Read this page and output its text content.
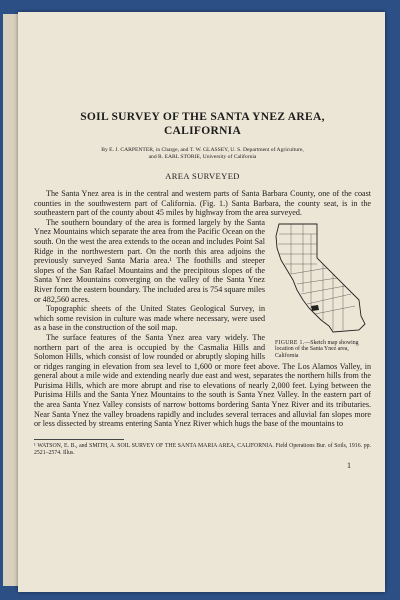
SOIL SURVEY OF THE SANTA YNEZ AREA,
CALIFORNIA
By E. J. CARPENTER, in Charge, and T. W. GLASSEY, U. S. Department of Agriculture,
and R. EARL STORIE, University of California
AREA SURVEYED

The Santa Ynez area is in the central and western parts of Santa Barbara County, one of the coast counties in the southwestern part of California. (Fig. 1.) Santa Barbara, the county seat, is in the southeastern part of the county about 45 miles by highway from the area surveyed.

FIGURE 1.—Sketch map showing location of the Santa Ynez area, California

The southern boundary of the area is formed largely by the Santa Ynez Mountains which separate the area from the Pacific Ocean on the south. On the west the area extends to the ocean and includes Point Sal Ridge in the northwestern part. On the north this area adjoins the previously surveyed Santa Maria area.¹ The foothills and steeper slopes of the San Rafael Mountains and the precipitous slopes of the Santa Ynez Mountains converging on the valley of the Santa Ynez River form the eastern boundary. The included area is 754 square miles or 482,560 acres.

Topographic sheets of the United States Geological Survey, in which some revision in culture was made where necessary, were used as a base in the construction of the soil map.

The surface features of the Santa Ynez area vary widely. The northern part of the area is occupied by the Casmalia Hills and Solomon Hills, which consist of low rounded or abruptly sloping hills or ridges ranging in elevation from sea level to 1,600 or more feet above. The Los Alamos Valley, in general about a mile wide and extending nearly due east and west, separates the northern hills from the Purisima Hills, which are more abrupt and rise to elevations of nearly 2,000 feet. Lying between the Purisima Hills and the Santa Ynez Mountains to the south is Santa Ynez Valley. In the eastern part of the area Santa Ynez Valley consists of narrow bottoms bordering Santa Ynez River and its tributaries. Near Santa Ynez the valley broadens rapidly and includes several terraces and alluvial fan slopes more or less dissected by streams entering Santa Ynez River which hugs the base of the mountains to

¹ WATSON, E. B., and SMITH, A. SOIL SURVEY OF THE SANTA MARIA AREA, CALIFORNIA. Field Operations Bur. of Soils, 1916. pp. 2521–2574. Illus.
1
